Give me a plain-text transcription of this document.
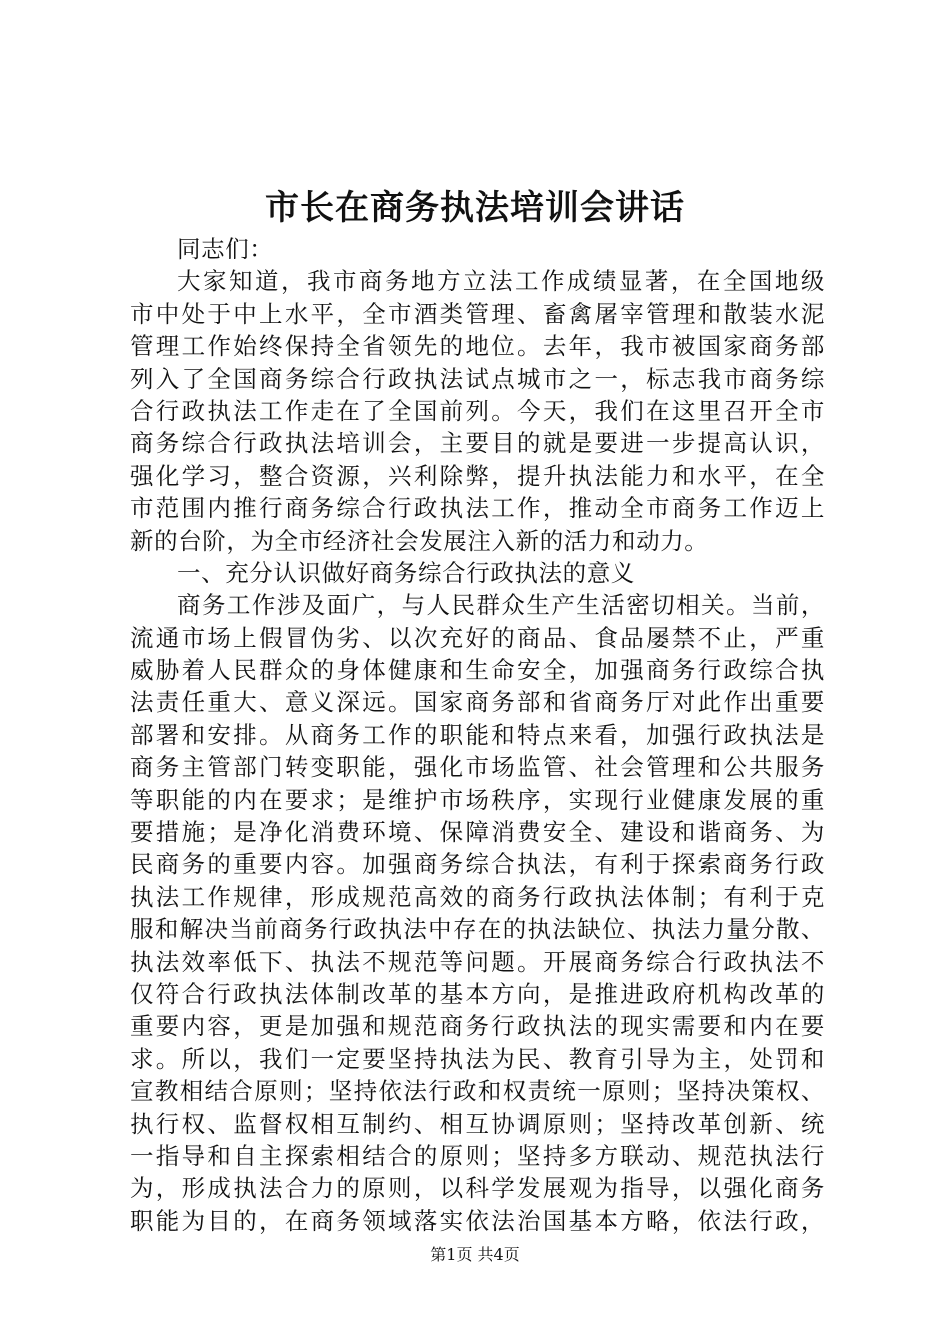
市长在商务执法培训会讲话
同志们：
大家知道，我市商务地方立法工作成绩显著，在全国地级
市中处于中上水平，全市酒类管理、畜禽屠宰管理和散装水泥
管理工作始终保持全省领先的地位。去年，我市被国家商务部
列入了全国商务综合行政执法试点城市之一，标志我市商务综
合行政执法工作走在了全国前列。今天，我们在这里召开全市
商务综合行政执法培训会，主要目的就是要进一步提高认识，
强化学习，整合资源，兴利除弊，提升执法能力和水平，在全
市范围内推行商务综合行政执法工作，推动全市商务工作迈上
新的台阶，为全市经济社会发展注入新的活力和动力。
一、充分认识做好商务综合行政执法的意义
商务工作涉及面广，与人民群众生产生活密切相关。当前，
流通市场上假冒伪劣、以次充好的商品、食品屡禁不止，严重
威胁着人民群众的身体健康和生命安全，加强商务行政综合执
法责任重大、意义深远。国家商务部和省商务厅对此作出重要
部署和安排。从商务工作的职能和特点来看，加强行政执法是
商务主管部门转变职能，强化市场监管、社会管理和公共服务
等职能的内在要求；是维护市场秩序，实现行业健康发展的重
要措施；是净化消费环境、保障消费安全、建设和谐商务、为
民商务的重要内容。加强商务综合执法，有利于探索商务行政
执法工作规律，形成规范高效的商务行政执法体制；有利于克
服和解决当前商务行政执法中存在的执法缺位、执法力量分散、
执法效率低下、执法不规范等问题。开展商务综合行政执法不
仅符合行政执法体制改革的基本方向，是推进政府机构改革的
重要内容，更是加强和规范商务行政执法的现实需要和内在要
求。所以，我们一定要坚持执法为民、教育引导为主，处罚和
宣教相结合原则；坚持依法行政和权责统一原则；坚持决策权、
执行权、监督权相互制约、相互协调原则；坚持改革创新、统
一指导和自主探索相结合的原则；坚持多方联动、规范执法行
为，形成执法合力的原则，以科学发展观为指导，以强化商务
职能为目的，在商务领域落实依法治国基本方略，依法行政，
第1页 共4页
